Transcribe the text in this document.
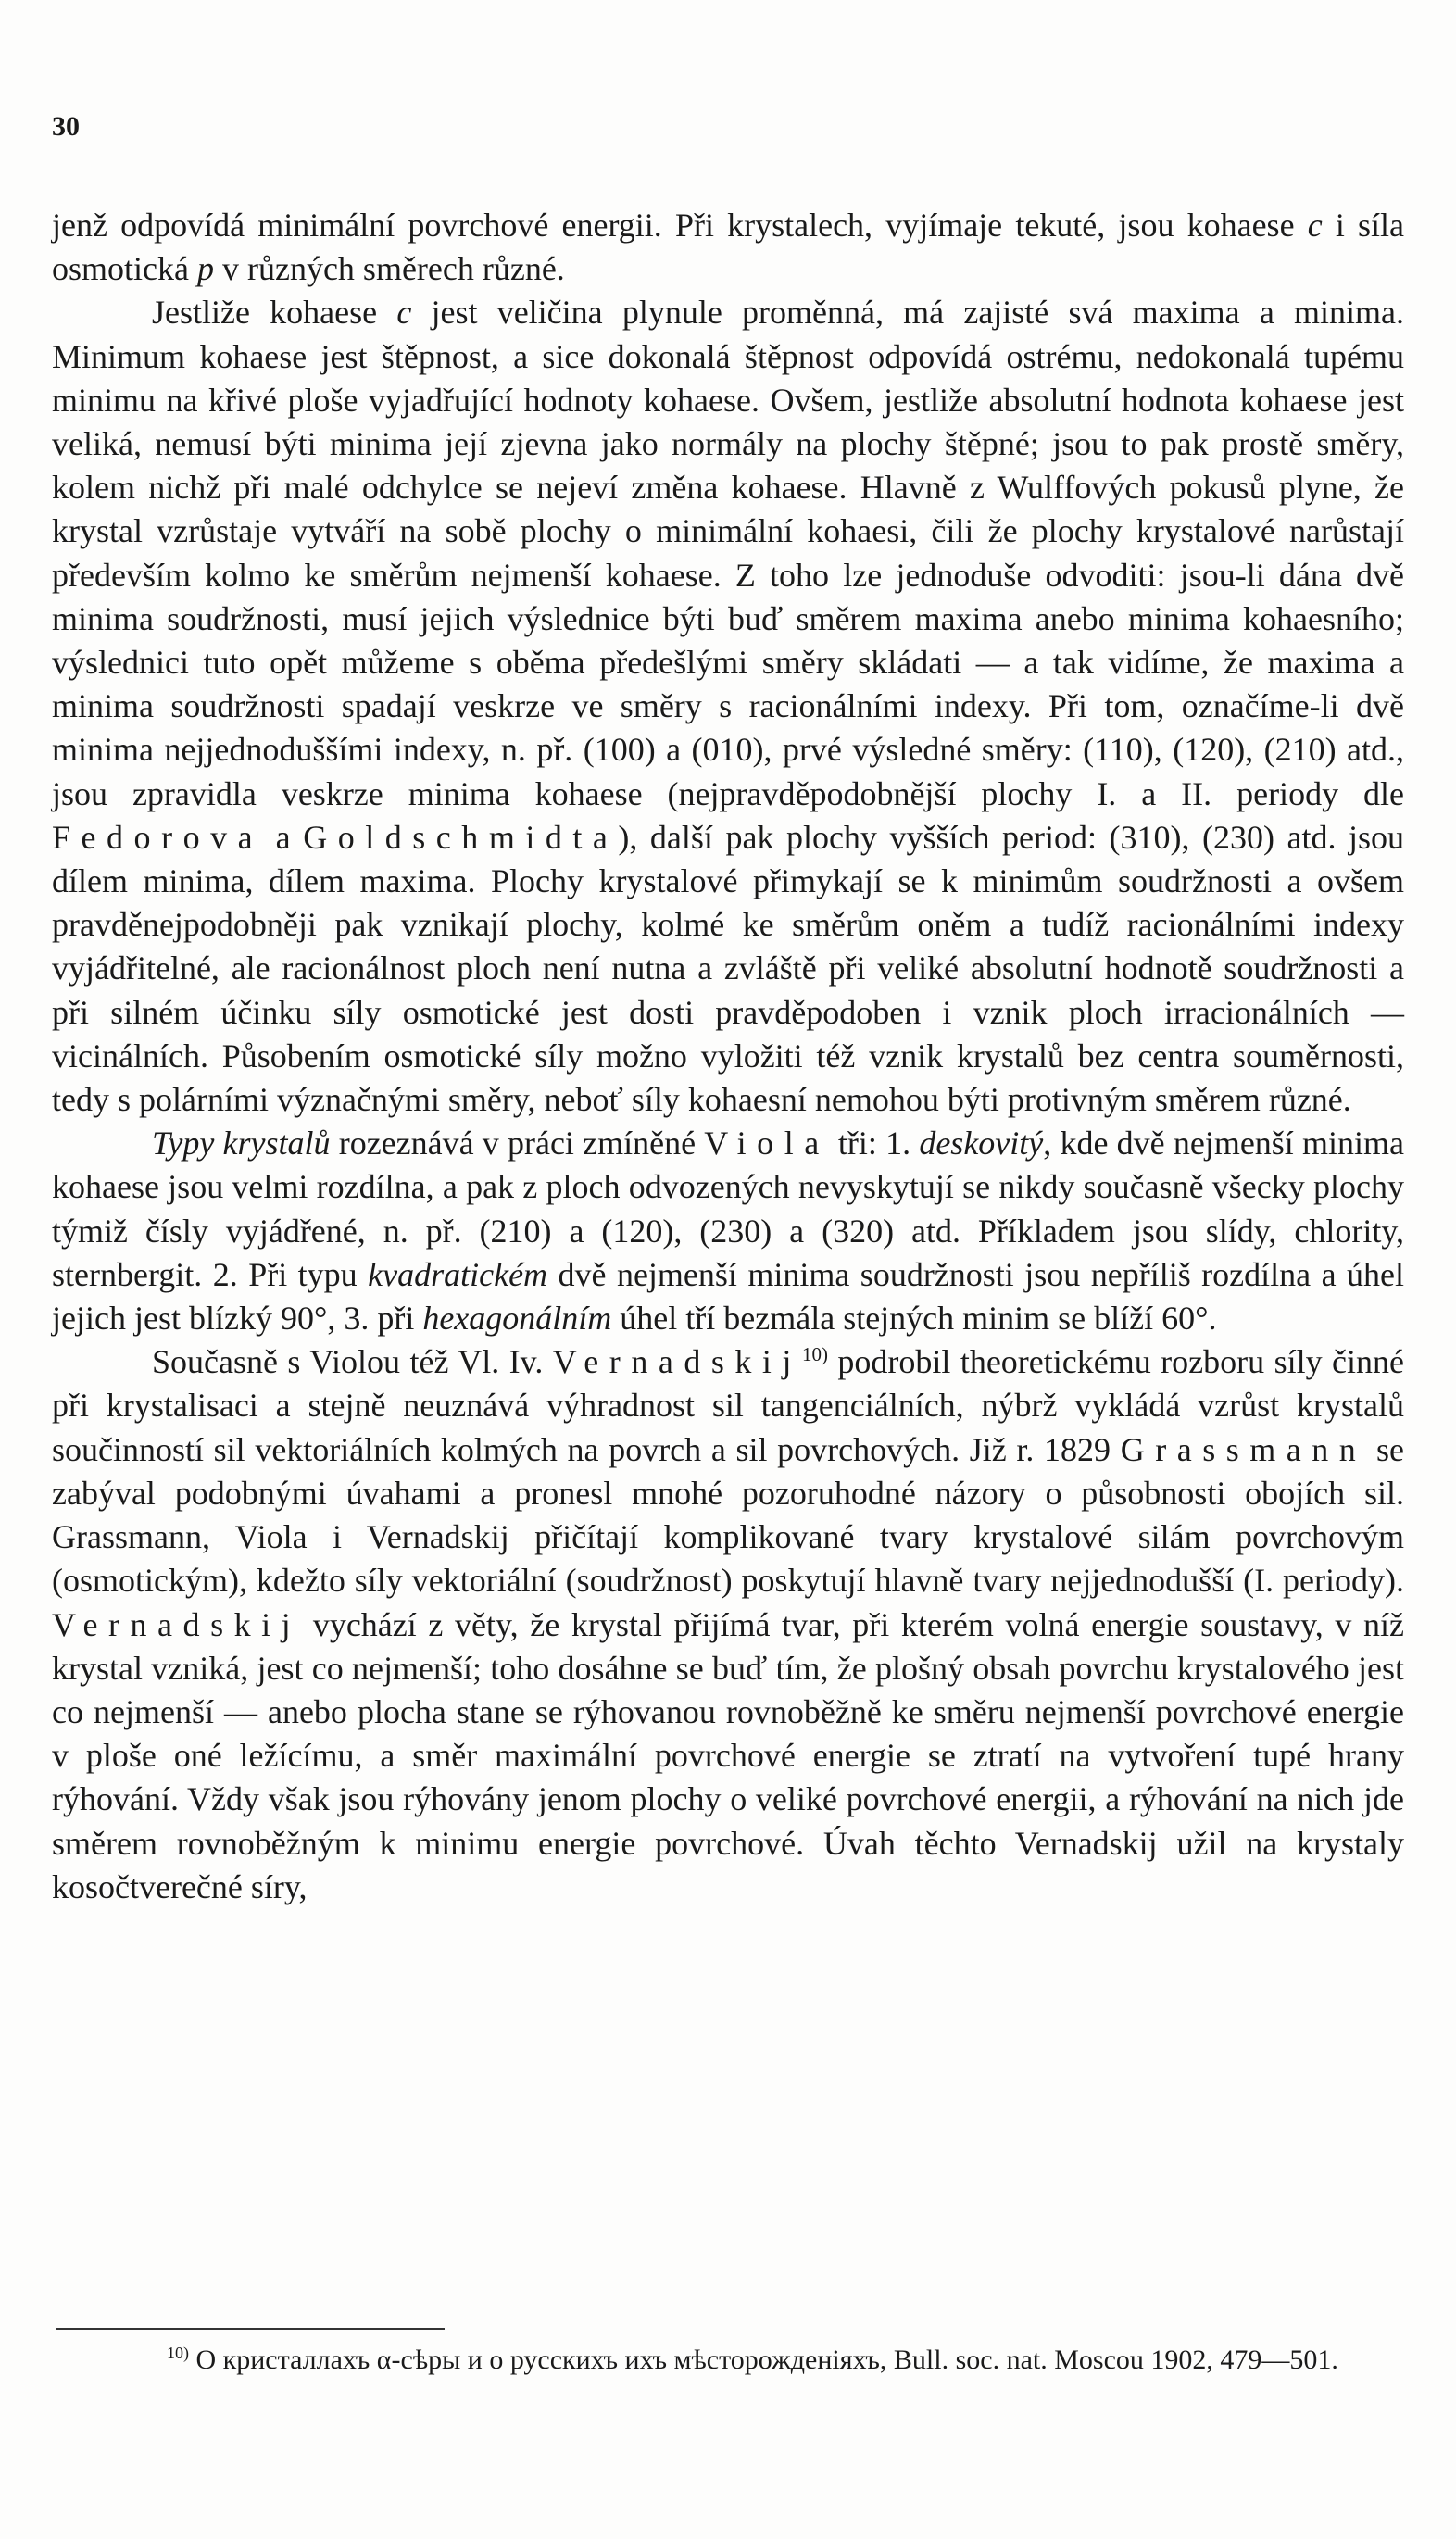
30

jenž odpovídá minimální povrchové energii. Při krystalech, vyjímaje tekuté, jsou kohaese c i síla osmotická p v různých směrech různé.

Jestliže kohaese c jest veličina plynule proměnná, má zajisté svá maxima a minima. Minimum kohaese jest štěpnost, a sice dokonalá štěpnost odpovídá ostrému, nedokonalá tupému minimu na křivé ploše vyjadřující hodnoty kohaese. Ovšem, jestliže absolutní hodnota kohaese jest veliká, nemusí býti minima její zjevna jako normály na plochy štěpné; jsou to pak prostě směry, kolem nichž při malé odchylce se nejeví změna kohaese. Hlavně z Wulffových pokusů plyne, že krystal vzrůstaje vytváří na sobě plochy o minimální kohaesi, čili že plochy krystalové narůstají především kolmo ke směrům nejmenší kohaese. Z toho lze jednoduše odvoditi: jsou-li dána dvě minima soudržnosti, musí jejich výslednice býti buď směrem maxima anebo minima kohaesního; výslednici tuto opět můžeme s oběma předešlými směry skládati — a tak vidíme, že maxima a minima soudržnosti spadají veskrze ve směry s racionálními indexy. Při tom, označíme-li dvě minima nejjednoduššími indexy, n. př. (100) a (010), prvé výsledné směry: (110), (120), (210) atd., jsou zpravidla veskrze minima kohaese (nejpravděpodobnější plochy I. a II. periody dle Fedorova a Goldschmidta), další pak plochy vyšších period: (310), (230) atd. jsou dílem minima, dílem maxima. Plochy krystalové přimykají se k minimům soudržnosti a ovšem pravděnejpodobněji pak vznikají plochy, kolmé ke směrům oněm a tudíž racionálními indexy vyjádřitelné, ale racionálnost ploch není nutna a zvláště při veliké absolutní hodnotě soudržnosti a při silném účinku síly osmotické jest dosti pravděpodoben i vznik ploch irracionálních — vicinálních. Působením osmotické síly možno vyložiti též vznik krystalů bez centra souměrnosti, tedy s polárními význačnými směry, neboť síly kohaesní nemohou býti protivným směrem různé.

Typy krystalů rozeznává v práci zmíněné Viola tři: 1. deskovitý, kde dvě nejmenší minima kohaese jsou velmi rozdílna, a pak z ploch odvozených nevyskytují se nikdy současně všecky plochy týmiž čísly vyjádřené, n. př. (210) a (120), (230) a (320) atd. Příkladem jsou slídy, chlority, sternbergit. 2. Při typu kvadratickém dvě nejmenší minima soudržnosti jsou nepříliš rozdílna a úhel jejich jest blízký 90°, 3. při hexagonálním úhel tří bezmála stejných minim se blíží 60°.

Současně s Violou též Vl. Iv. Vernadskij$^{10)}$ podrobil theoretickému rozboru síly činné při krystalisaci a stejně neuznává výhradnost sil tangenciálních, nýbrž vykládá vzrůst krystalů součinností sil vektoriálních kolmých na povrch a sil povrchových. Již r. 1829 Grassmann se zabýval podobnými úvahami a pronesl mnohé pozoruhodné názory o působnosti obojích sil. Grassmann, Viola i Vernadskij přičítají komplikované tvary krystalové silám povrchovým (osmotickým), kdežto síly vektoriální (soudržnost) poskytují hlavně tvary nejjednodušší (I. periody). Vernadskij vychází z věty, že krystal přijímá tvar, při kterém volná energie soustavy, v níž krystal vzniká, jest co nejmenší; toho dosáhne se buď tím, že plošný obsah povrchu krystalového jest co nejmenší — anebo plocha stane se rýhovanou rovnoběžně ke směru nejmenší povrchové energie v ploše oné ležícímu, a směr maximální povrchové energie se ztratí na vytvoření tupé hrany rýhování. Vždy však jsou rýhovány jenom plochy o veliké povrchové energii, a rýhování na nich jde směrem rovnoběžným k minimu energie povrchové. Úvah těchto Vernadskij užil na krystaly kosočtverečné síry,

$^{10)}$ О кристаллахъ α-сѣры и о русскихъ ихъ мѣсторожденіяхъ, Bull. soc. nat. Moscou 1902, 479—501.
